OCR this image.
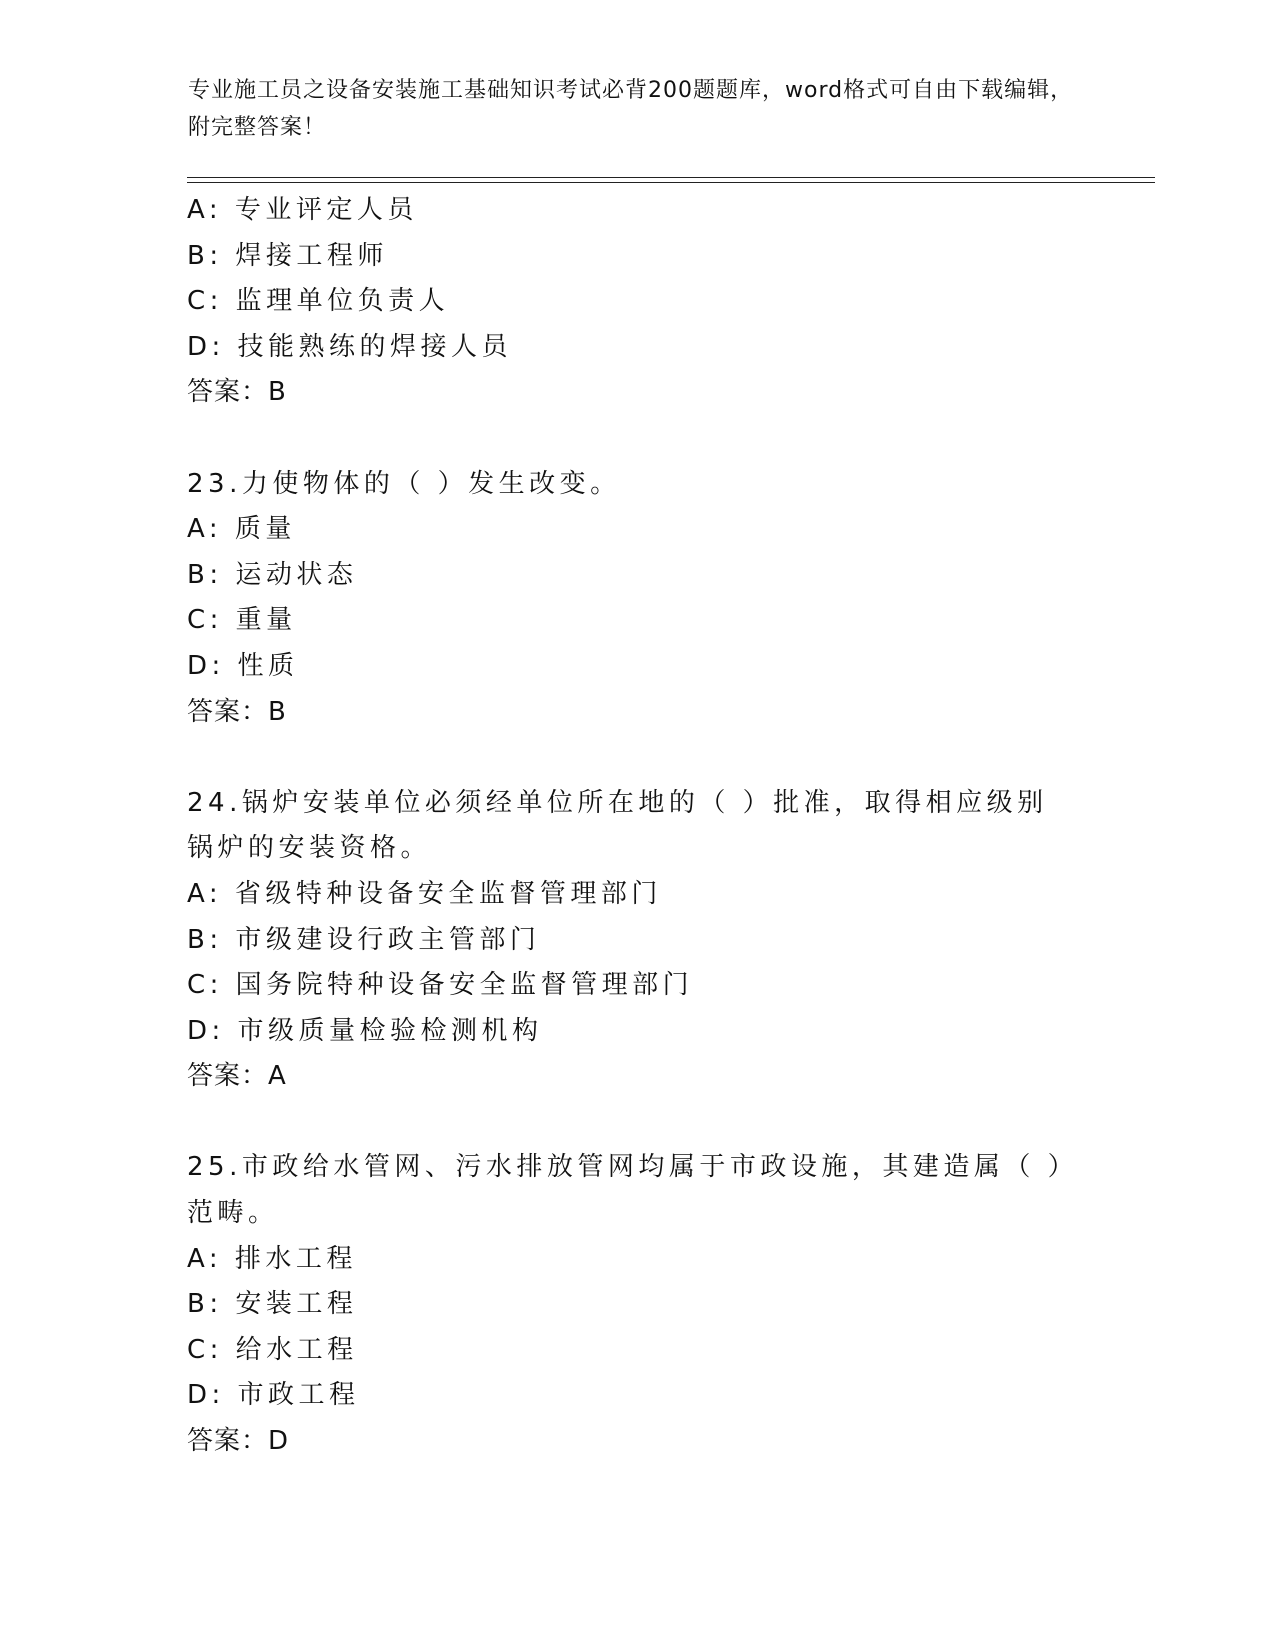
专业施工员之设备安装施工基础知识考试必背200题题库，word格式可自由下载编辑，附完整答案！
A: 专业评定人员
B: 焊接工程师
C: 监理单位负责人
D: 技能熟练的焊接人员
答案：B
23.力使物体的（ ）发生改变。
A: 质量
B: 运动状态
C: 重量
D: 性质
答案：B
24.锅炉安装单位必须经单位所在地的（ ）批准，取得相应级别锅炉的安装资格。
A: 省级特种设备安全监督管理部门
B: 市级建设行政主管部门
C: 国务院特种设备安全监督管理部门
D: 市级质量检验检测机构
答案：A
25.市政给水管网、污水排放管网均属于市政设施，其建造属（ ）范畴。
A: 排水工程
B: 安装工程
C: 给水工程
D: 市政工程
答案：D
